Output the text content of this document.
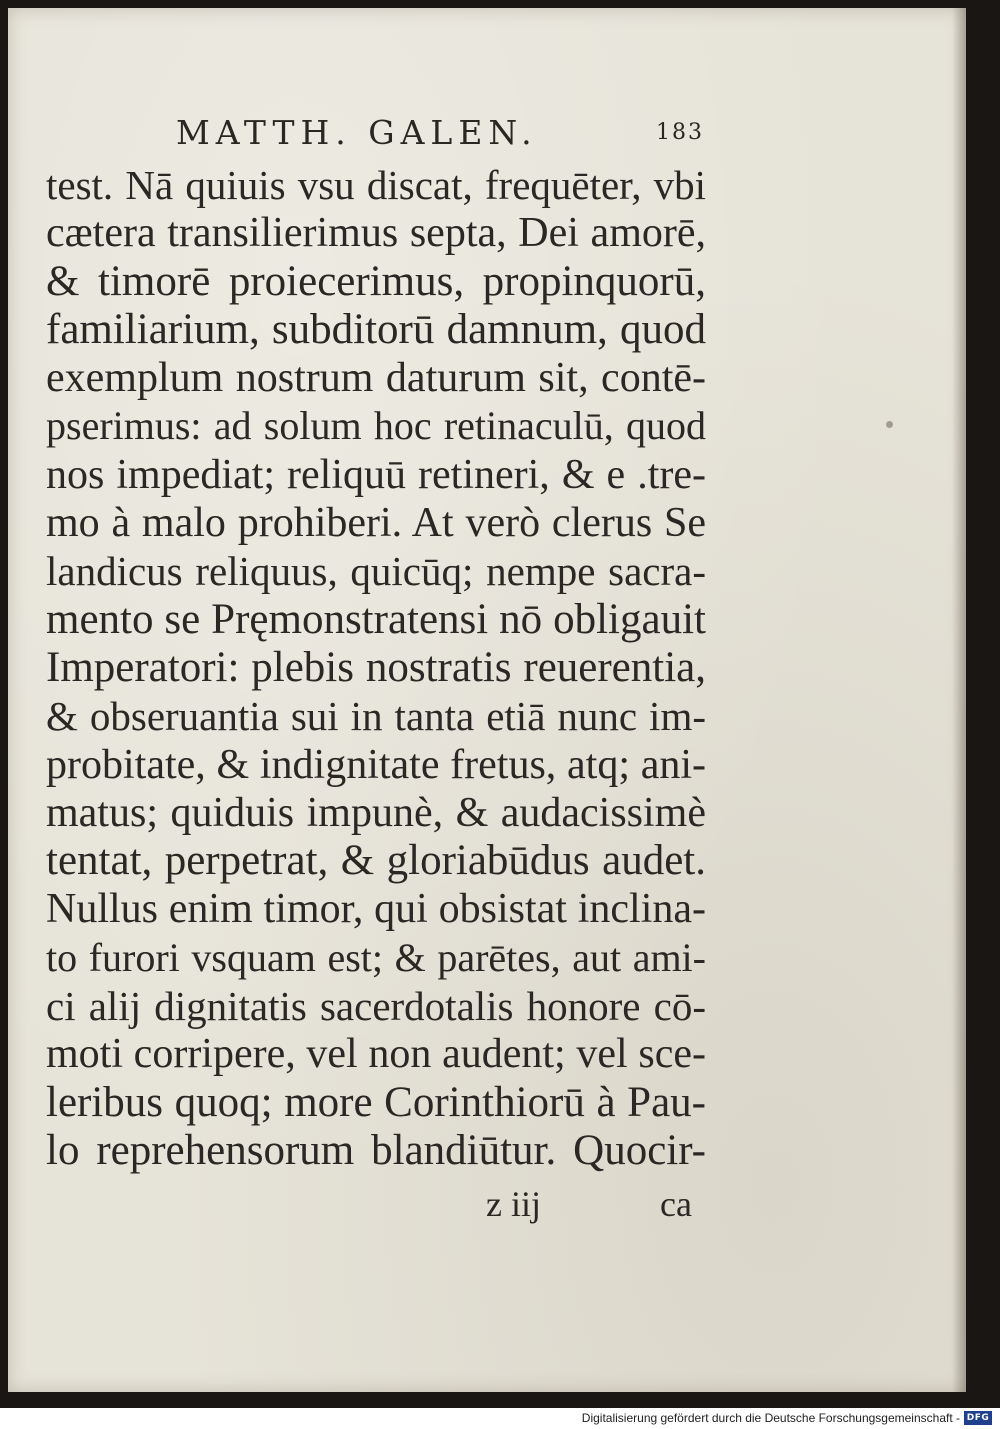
MATTH. GALEN.	183
test. Nā quiuis vsu discat, frequēter, vbi
cætera transilierimus septa, Dei amorē,
& timorē proiecerimus, propinquorū,
familiarium, subditorū damnum, quod
exemplum nostrum daturum sit, contē-
pserimus: ad solum hoc retinaculū, quod
nos impediat; reliquū retineri, & e .tre-
mo à malo prohiberi. At verò clerus Se
landicus reliquus, quicūq; nempe sacra-
mento se Pręmonstratensi nō obligauit
Imperatori: plebis nostratis reuerentia,
& obseruantia sui in tanta etiā nunc im-
probitate, & indignitate fretus, atq; ani-
matus; quiduis impunè, & audacissimè
tentat, perpetrat, & gloriabūdus audet.
Nullus enim timor, qui obsistat inclina-
to furori vsquam est; & parētes, aut ami-
ci alij dignitatis sacerdotalis honore cō-
moti corripere, vel non audent; vel sce-
leribus quoq; more Corinthiorū à Pau-
lo reprehensorum blandiūtur. Quocir-
z iij	ca
Digitalisierung gefördert durch die Deutsche Forschungsgemeinschaft - DFG
